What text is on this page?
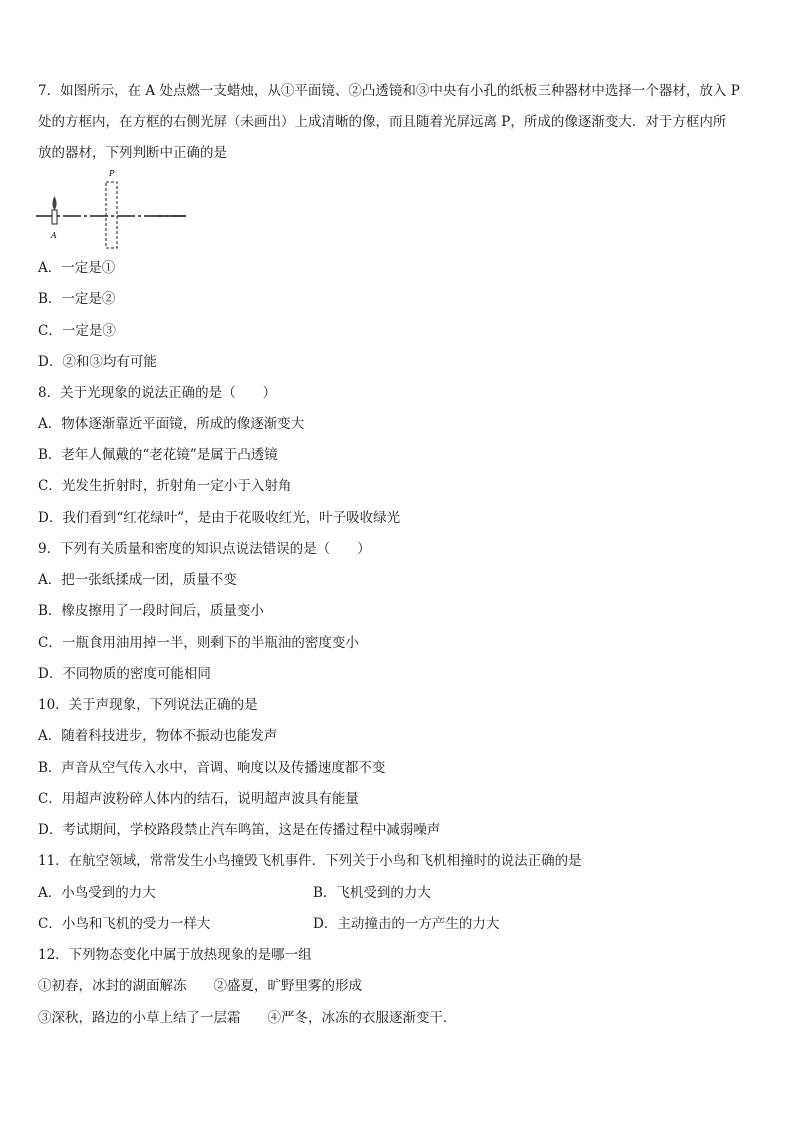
7．如图所示，在 A 处点燃一支蜡烛，从①平面镜、②凸透镜和③中央有小孔的纸板三种器材中选择一个器材，放入 P
处的方框内，在方框的右侧光屏（未画出）上成清晰的像，而且随着光屏远离 P，所成的像逐渐变大．对于方框内所
放的器材，下列判断中正确的是
A
P
A．一定是①
B．一定是②
C．一定是③
D．②和③均有可能
8．关于光现象的说法正确的是（　　）
A．物体逐渐靠近平面镜，所成的像逐渐变大
B．老年人佩戴的“老花镜”是属于凸透镜
C．光发生折射时，折射角一定小于入射角
D．我们看到“红花绿叶”，是由于花吸收红光，叶子吸收绿光
9．下列有关质量和密度的知识点说法错误的是（　　）
A．把一张纸揉成一团，质量不变
B．橡皮擦用了一段时间后，质量变小
C．一瓶食用油用掉一半，则剩下的半瓶油的密度变小
D．不同物质的密度可能相同
10．关于声现象，下列说法正确的是
A．随着科技进步，物体不振动也能发声
B．声音从空气传入水中，音调、响度以及传播速度都不变
C．用超声波粉碎人体内的结石，说明超声波具有能量
D．考试期间，学校路段禁止汽车鸣笛，这是在传播过程中减弱噪声
11．在航空领域，常常发生小鸟撞毁飞机事件．下列关于小鸟和飞机相撞时的说法正确的是
A．小鸟受到的力大	B．飞机受到的力大
C．小鸟和飞机的受力一样大	D．主动撞击的一方产生的力大
12．下列物态变化中属于放热现象的是哪一组
①初春，冰封的湖面解冻　　②盛夏，旷野里雾的形成
③深秋，路边的小草上结了一层霜　　④严冬，冰冻的衣服逐渐变干．
